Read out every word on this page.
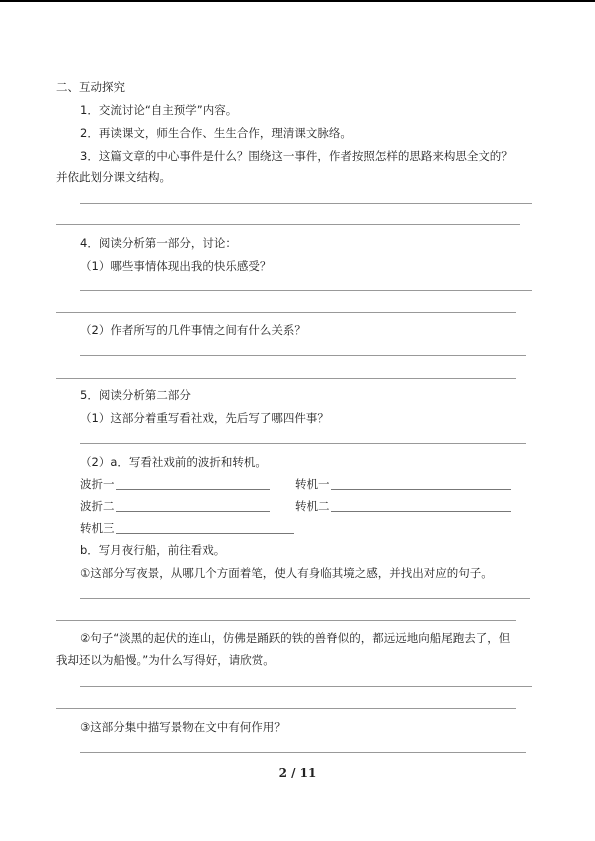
二、互动探究
1．交流讨论“自主预学”内容。
2．再读课文，师生合作、生生合作，理清课文脉络。
3．这篇文章的中心事件是什么？围绕这一事件，作者按照怎样的思路来构思全文的？
并依此划分课文结构。
4．阅读分析第一部分，讨论：
（1）哪些事情体现出我的快乐感受？
（2）作者所写的几件事情之间有什么关系？
5．阅读分析第二部分
（1）这部分着重写看社戏，先后写了哪四件事？
（2）a．写看社戏前的波折和转机。
波折一	转机一
波折二	转机二
转机三
b．写月夜行船，前往看戏。
①这部分写夜景，从哪几个方面着笔，使人有身临其境之感，并找出对应的句子。
②句子“淡黑的起伏的连山，仿佛是踊跃的铁的兽脊似的，都远远地向船尾跑去了，但
我却还以为船慢。”为什么写得好，请欣赏。
③这部分集中描写景物在文中有何作用？
2 / 11
